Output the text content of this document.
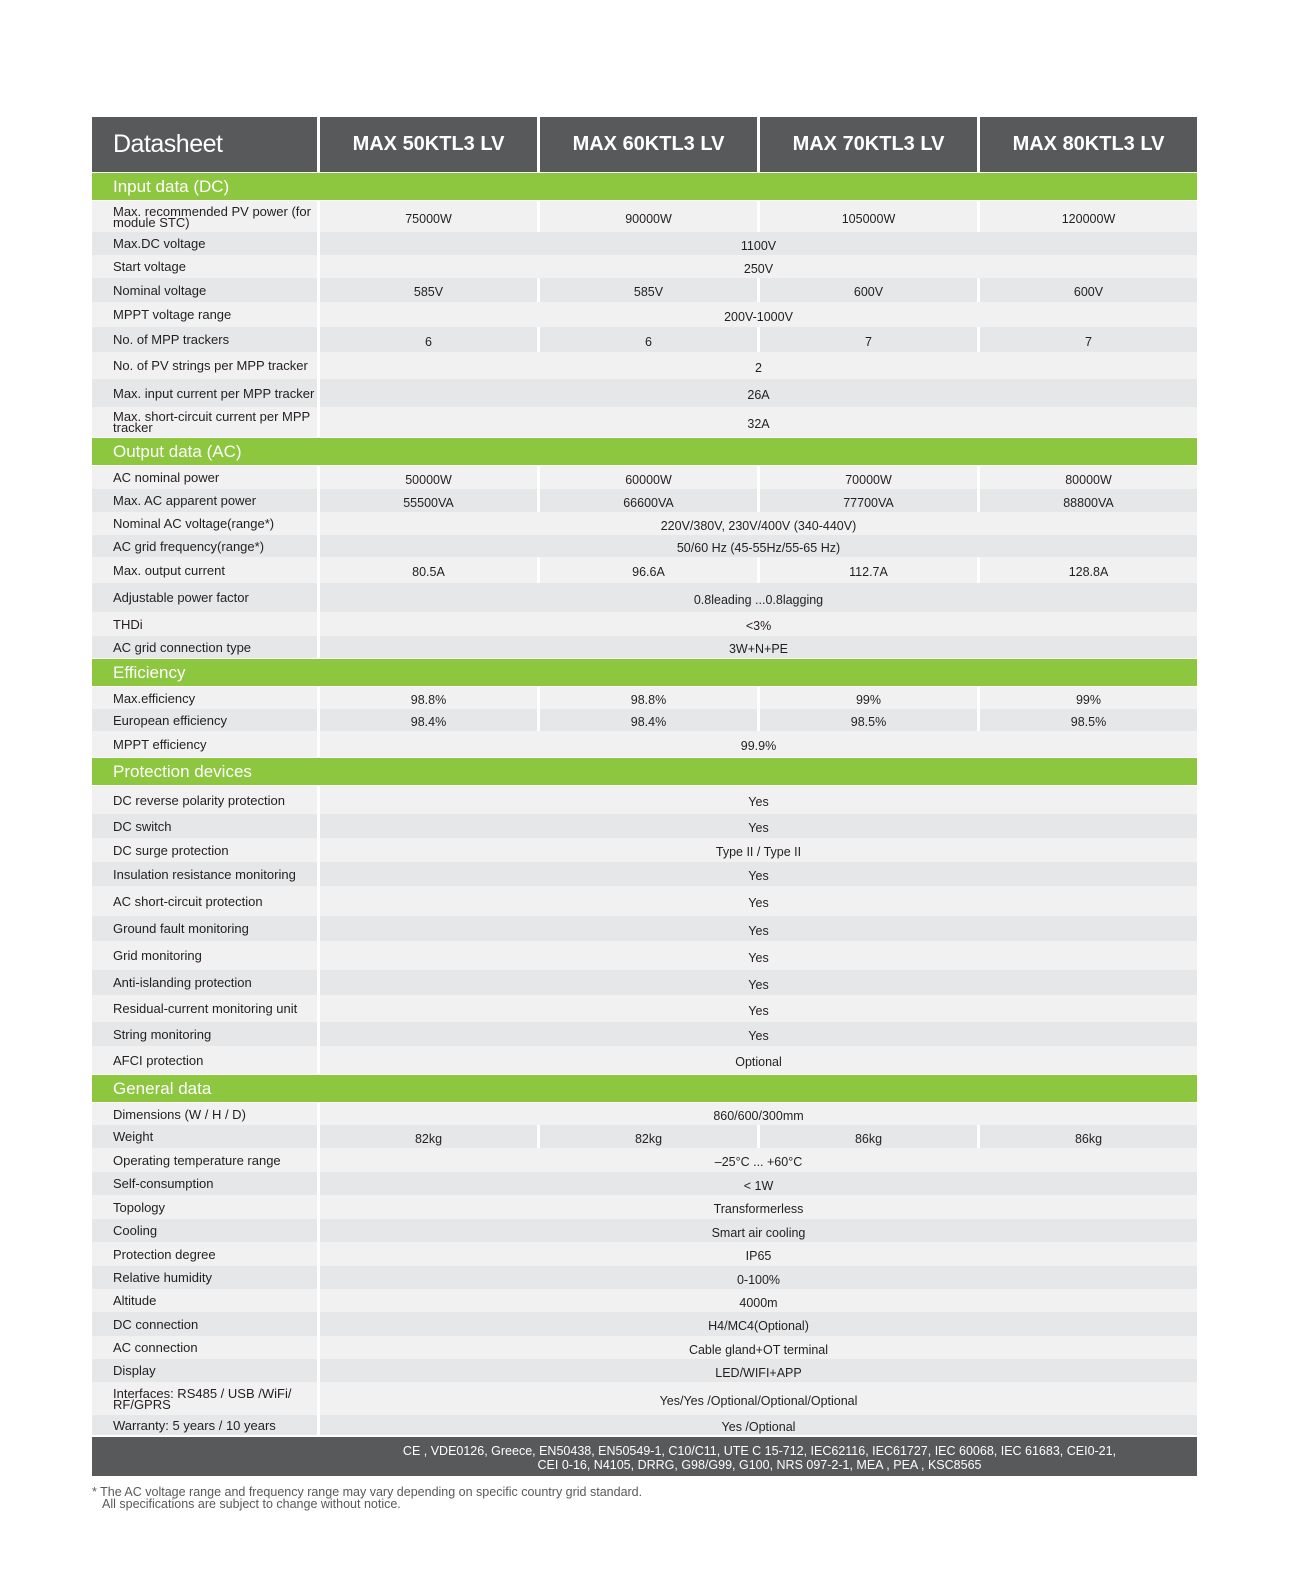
Datasheet	MAX 50KTL3 LV	MAX 60KTL3 LV	MAX 70KTL3 LV	MAX 80KTL3 LV
Input data (DC)
Max. recommended PV power (for module STC)	75000W	90000W	105000W	120000W
Max.DC voltage	1100V
Start voltage	250V
Nominal voltage	585V	585V	600V	600V
MPPT voltage range	200V-1000V
No. of MPP trackers	6	6	7	7
No. of PV strings per MPP tracker	2
Max. input current per MPP tracker	26A
Max. short-circuit current per MPP tracker	32A
Output data (AC)
AC nominal power	50000W	60000W	70000W	80000W
Max. AC apparent power	55500VA	66600VA	77700VA	88800VA
Nominal AC voltage(range*)	220V/380V, 230V/400V (340-440V)
AC grid frequency(range*)	50/60 Hz (45-55Hz/55-65 Hz)
Max. output current	80.5A	96.6A	112.7A	128.8A
Adjustable power factor	0.8leading ...0.8lagging
THDi	<3%
AC grid connection type	3W+N+PE
Efficiency
Max.efficiency	98.8%	98.8%	99%	99%
European efficiency	98.4%	98.4%	98.5%	98.5%
MPPT efficiency	99.9%
Protection devices
DC reverse polarity protection	Yes
DC switch	Yes
DC surge protection	Type II / Type II
Insulation resistance monitoring	Yes
AC short-circuit protection	Yes
Ground fault monitoring	Yes
Grid monitoring	Yes
Anti-islanding protection	Yes
Residual-current monitoring unit	Yes
String monitoring	Yes
AFCI protection	Optional
General data
Dimensions (W / H / D)	860/600/300mm
Weight	82kg	82kg	86kg	86kg
Operating temperature range	–25°C ... +60°C
Self-consumption	< 1W
Topology	Transformerless
Cooling	Smart air cooling
Protection degree	IP65
Relative humidity	0-100%
Altitude	4000m
DC connection	H4/MC4(Optional)
AC connection	Cable gland+OT terminal
Display	LED/WIFI+APP
Interfaces: RS485 / USB /WiFi/ RF/GPRS	Yes/Yes /Optional/Optional/Optional
Warranty: 5 years / 10 years	Yes /Optional
CE , VDE0126, Greece, EN50438, EN50549-1, C10/C11, UTE C 15-712, IEC62116, IEC61727, IEC 60068, IEC 61683, CEI0-21, CEI 0-16, N4105, DRRG, G98/G99, G100, NRS 097-2-1, MEA , PEA , KSC8565
* The AC voltage range and frequency range may vary depending on specific country grid standard.
All specifications are subject to change without notice.
